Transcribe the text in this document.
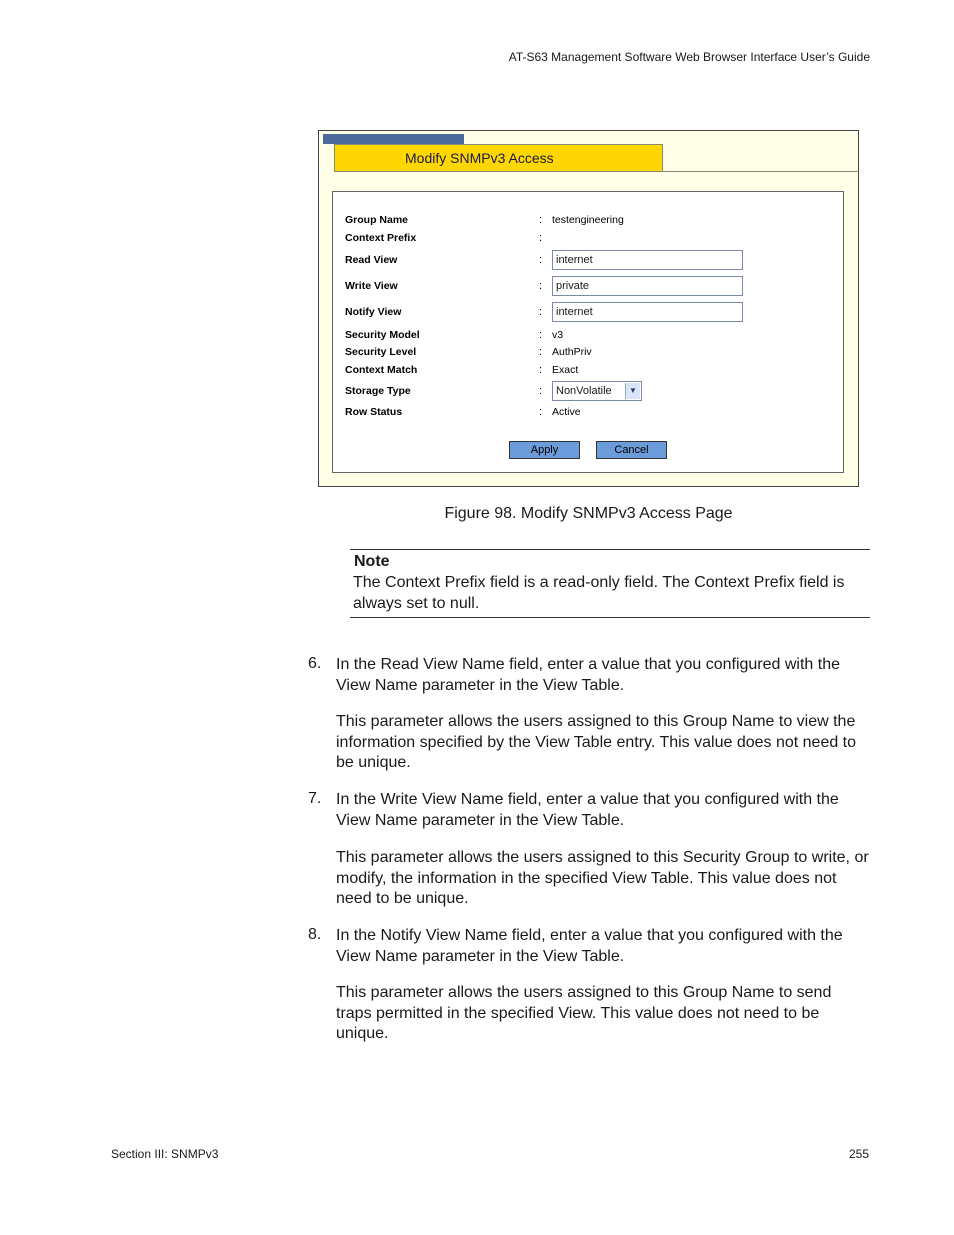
AT-S63 Management Software Web Browser Interface User’s Guide
Modify SNMPv3 Access
Group Name	: testengineering
Context Prefix	:
Read View	:	internet
Write View	:	private
Notify View	:	internet
Security Model	: v3
Security Level	: AuthPriv
Context Match	: Exact
Storage Type	:	NonVolatile	▼
Row Status	: Active
Apply	Cancel
Figure 98. Modify SNMPv3 Access Page
Note
The Context Prefix field is a read-only field. The Context Prefix field is always set to null.
6. In the Read View Name field, enter a value that you configured with the View Name parameter in the View Table.
This parameter allows the users assigned to this Group Name to view the information specified by the View Table entry. This value does not need to be unique.
7. In the Write View Name field, enter a value that you configured with the View Name parameter in the View Table.
This parameter allows the users assigned to this Security Group to write, or modify, the information in the specified View Table. This value does not need to be unique.
8. In the Notify View Name field, enter a value that you configured with the View Name parameter in the View Table.
This parameter allows the users assigned to this Group Name to send traps permitted in the specified View. This value does not need to be unique.
Section III: SNMPv3	255
